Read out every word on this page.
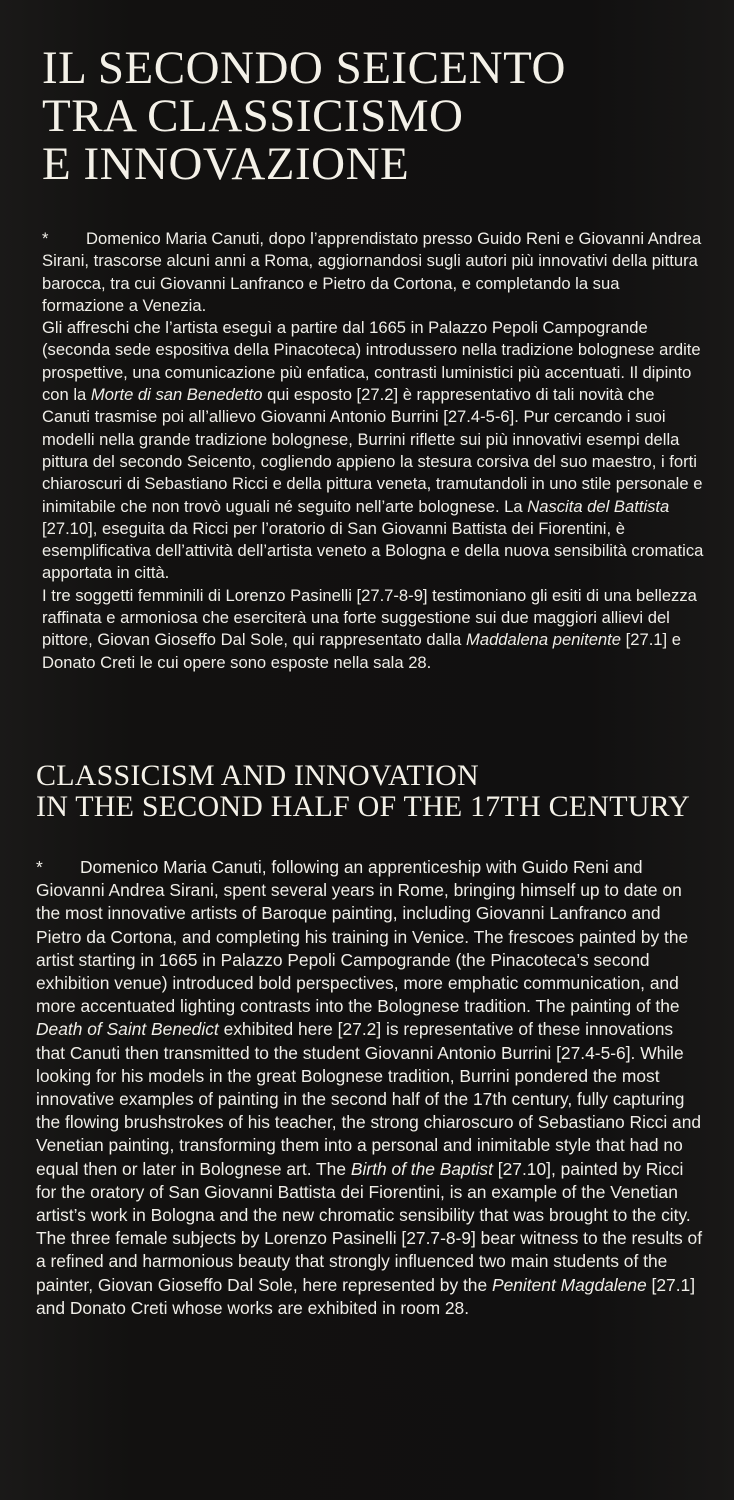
IL SECONDO SEICENTO
TRA CLASSICISMO
E INNOVAZIONE

* Domenico Maria Canuti, dopo l’apprendistato presso Guido Reni e Giovanni Andrea Sirani, trascorse alcuni anni a Roma, aggiornandosi sugli autori più innovativi della pittura barocca, tra cui Giovanni Lanfranco e Pietro da Cortona, e completando la sua formazione a Venezia.

Gli affreschi che l’artista eseguì a partire dal 1665 in Palazzo Pepoli Campogrande (seconda sede espositiva della Pinacoteca) introdussero nella tradizione bolognese ardite prospettive, una comunicazione più enfatica, contrasti luministici più accentuati. Il dipinto con la Morte di san Benedetto qui esposto [27.2] è rappresentativo di tali novità che Canuti trasmise poi all’allievo Giovanni Antonio Burrini [27.4-5-6]. Pur cercando i suoi modelli nella grande tradizione bolognese, Burrini riflette sui più innovativi esempi della pittura del secondo Seicento, cogliendo appieno la stesura corsiva del suo maestro, i forti chiaroscuri di Sebastiano Ricci e della pittura veneta, tramutandoli in uno stile personale e inimitabile che non trovò uguali né seguito nell’arte bolognese. La Nascita del Battista [27.10], eseguita da Ricci per l’oratorio di San Giovanni Battista dei Fiorentini, è esemplificativa dell’attività dell’artista veneto a Bologna e della nuova sensibilità cromatica apportata in città.

I tre soggetti femminili di Lorenzo Pasinelli [27.7-8-9] testimoniano gli esiti di una bellezza raffinata e armoniosa che eserciterà una forte suggestione sui due maggiori allievi del pittore, Giovan Gioseffo Dal Sole, qui rappresentato dalla Maddalena penitente [27.1] e Donato Creti le cui opere sono esposte nella sala 28.

CLASSICISM AND INNOVATION
IN THE SECOND HALF OF THE 17TH CENTURY

* Domenico Maria Canuti, following an apprenticeship with Guido Reni and Giovanni Andrea Sirani, spent several years in Rome, bringing himself up to date on the most innovative artists of Baroque painting, including Giovanni Lanfranco and Pietro da Cortona, and completing his training in Venice. The frescoes painted by the artist starting in 1665 in Palazzo Pepoli Campogrande (the Pinacoteca’s second exhibition venue) introduced bold perspectives, more emphatic communication, and more accentuated lighting contrasts into the Bolognese tradition. The painting of the Death of Saint Benedict exhibited here [27.2] is representative of these innovations that Canuti then transmitted to the student Giovanni Antonio Burrini [27.4-5-6]. While looking for his models in the great Bolognese tradition, Burrini pondered the most innovative examples of painting in the second half of the 17th century, fully capturing the flowing brushstrokes of his teacher, the strong chiaroscuro of Sebastiano Ricci and Venetian painting, transforming them into a personal and inimitable style that had no equal then or later in Bolognese art. The Birth of the Baptist [27.10], painted by Ricci for the oratory of San Giovanni Battista dei Fiorentini, is an example of the Venetian artist’s work in Bologna and the new chromatic sensibility that was brought to the city.

The three female subjects by Lorenzo Pasinelli [27.7-8-9] bear witness to the results of a refined and harmonious beauty that strongly influenced two main students of the painter, Giovan Gioseffo Dal Sole, here represented by the Penitent Magdalene [27.1] and Donato Creti whose works are exhibited in room 28.
